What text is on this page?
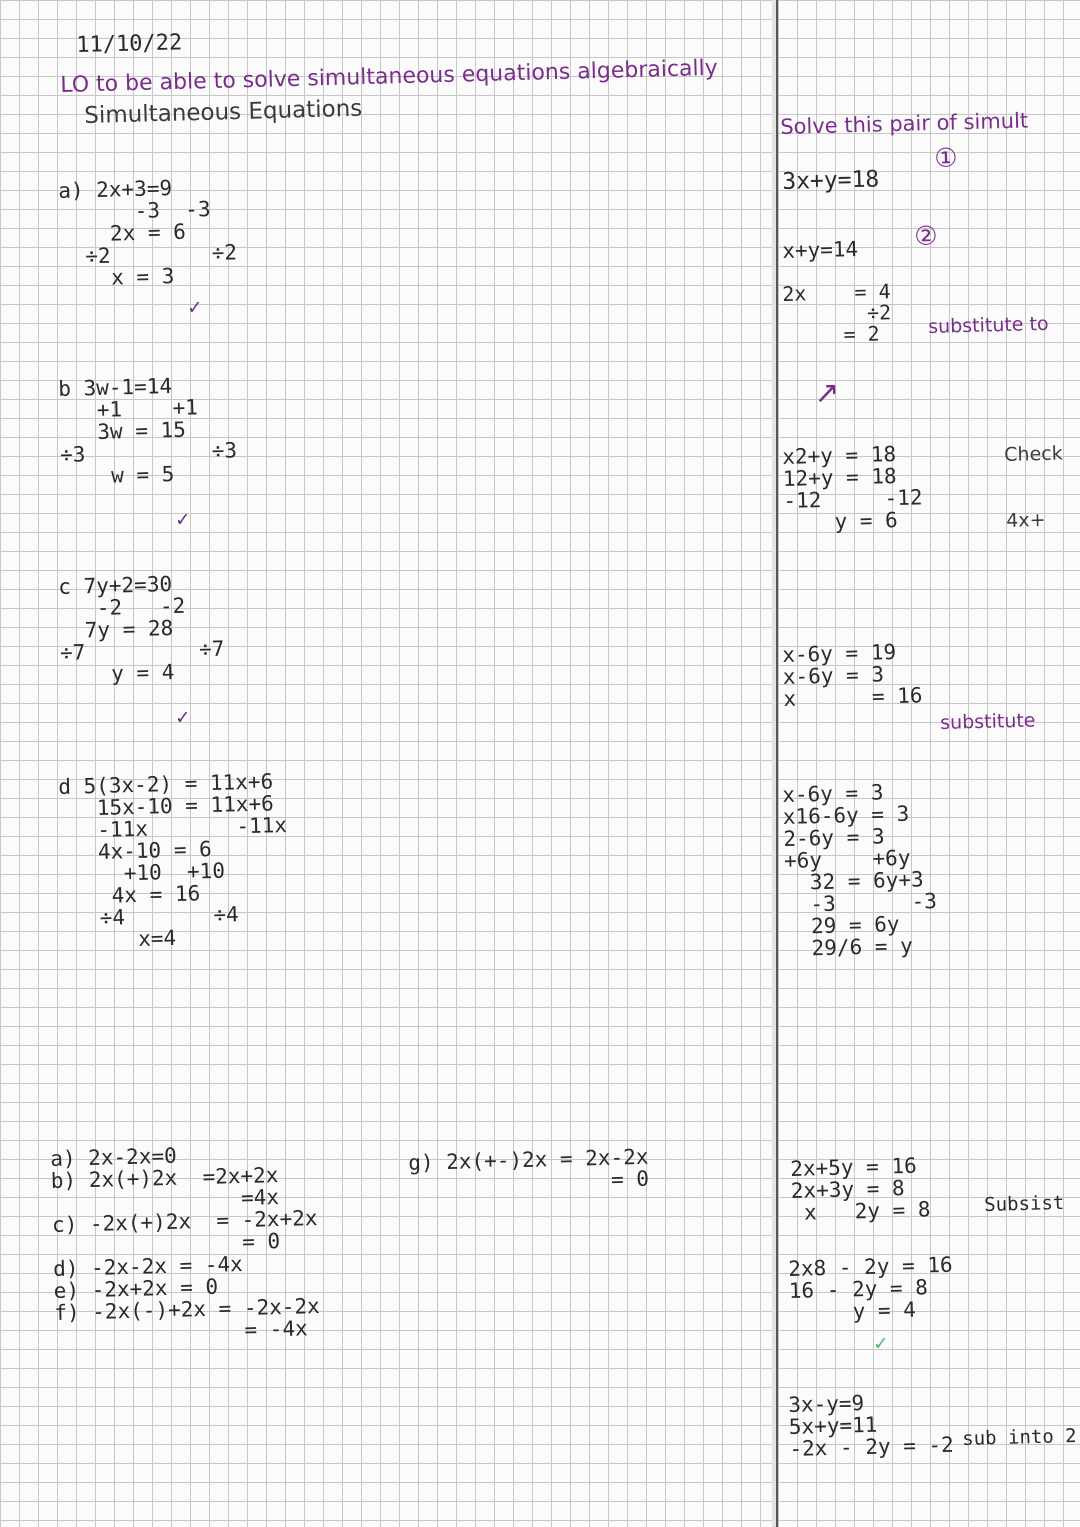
11/10/22

LO to be able to solve simultaneous equations algebraically

Simultaneous Equations

a) 2x+3=9
-3  -3
2x = 6
÷2        ÷2
x = 3

✓

b 3w-1=14
+1    +1
3w = 15
÷3          ÷3
w = 5

✓

c 7y+2=30
-2   -2
7y = 28
÷7         ÷7
y = 4

✓

d 5(3x-2) = 11x+6
15x-10 = 11x+6
-11x       -11x
4x-10 = 6
+10  +10
4x = 16
÷4       ÷4
x=4

a) 2x-2x=0
b) 2x(+)2x  =2x+2x
=4x
c) -2x(+)2x  = -2x+2x
= 0
d) -2x-2x = -4x
e) -2x+2x = 0
f) -2x(-)+2x = -2x-2x
= -4x

g) 2x(+-)2x = 2x-2x
= 0

Solve this pair of simult

3x+y=18

①

x+y=14 ②

2x    = 4
÷2
= 2	substitute to

↗

x2+y = 18
12+y = 18
-12     -12
y = 6

Check

4x+

x-6y = 19
x-6y = 3
x      = 16

substitute

x-6y = 3
x16-6y = 3
2-6y = 3
+6y    +6y
32 = 6y+3
-3      -3
29 = 6y
29/6 = y

2x+5y = 16
2x+3y = 8
x   2y = 8	Subsist

2x8 - 2y = 16
16 - 2y = 8
y = 4

✓

3x-y=9
5x+y=11
-2x - 2y = -2 sub into 2
